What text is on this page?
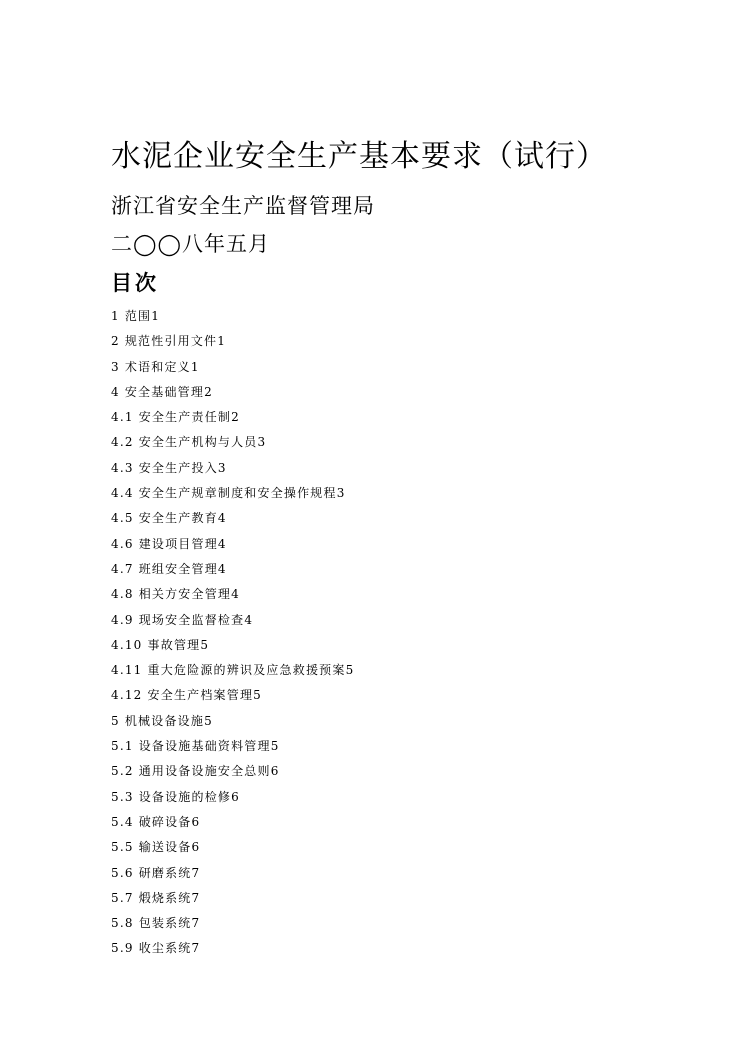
水泥企业安全生产基本要求（试行）
浙江省安全生产监督管理局
二◯◯八年五月
目次
1 范围1
2 规范性引用文件1
3 术语和定义1
4 安全基础管理2
4.1 安全生产责任制2
4.2 安全生产机构与人员3
4.3 安全生产投入3
4.4 安全生产规章制度和安全操作规程3
4.5 安全生产教育4
4.6 建设项目管理4
4.7 班组安全管理4
4.8 相关方安全管理4
4.9 现场安全监督检查4
4.10 事故管理5
4.11 重大危险源的辨识及应急救援预案5
4.12 安全生产档案管理5
5 机械设备设施5
5.1 设备设施基础资料管理5
5.2 通用设备设施安全总则6
5.3 设备设施的检修6
5.4 破碎设备6
5.5 输送设备6
5.6 研磨系统7
5.7 煅烧系统7
5.8 包装系统7
5.9 收尘系统7
